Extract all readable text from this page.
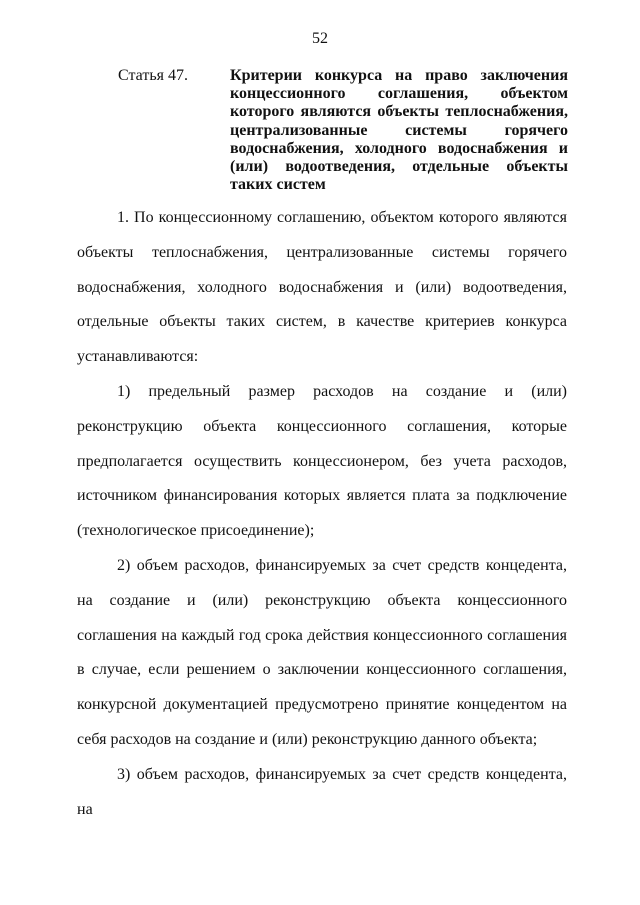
52
Статья 47.	Критерии конкурса на право заключения концессионного соглашения, объектом которого являются объекты теплоснабжения, централизованные системы горячего водоснабжения, холодного водоснабжения и (или) водоотведения, отдельные объекты таких систем

1. По концессионному соглашению, объектом которого являются объекты теплоснабжения, централизованные системы горячего водоснабжения, холодного водоснабжения и (или) водоотведения, отдельные объекты таких систем, в качестве критериев конкурса устанавливаются:

1) предельный размер расходов на создание и (или) реконструкцию объекта концессионного соглашения, которые предполагается осуществить концессионером, без учета расходов, источником финансирования которых является плата за подключение (технологическое присоединение);

2) объем расходов, финансируемых за счет средств концедента, на создание и (или) реконструкцию объекта концессионного соглашения на каждый год срока действия концессионного соглашения в случае, если решением о заключении концессионного соглашения, конкурсной документацией предусмотрено принятие концедентом на себя расходов на создание и (или) реконструкцию данного объекта;

3) объем расходов, финансируемых за счет средств концедента, на
